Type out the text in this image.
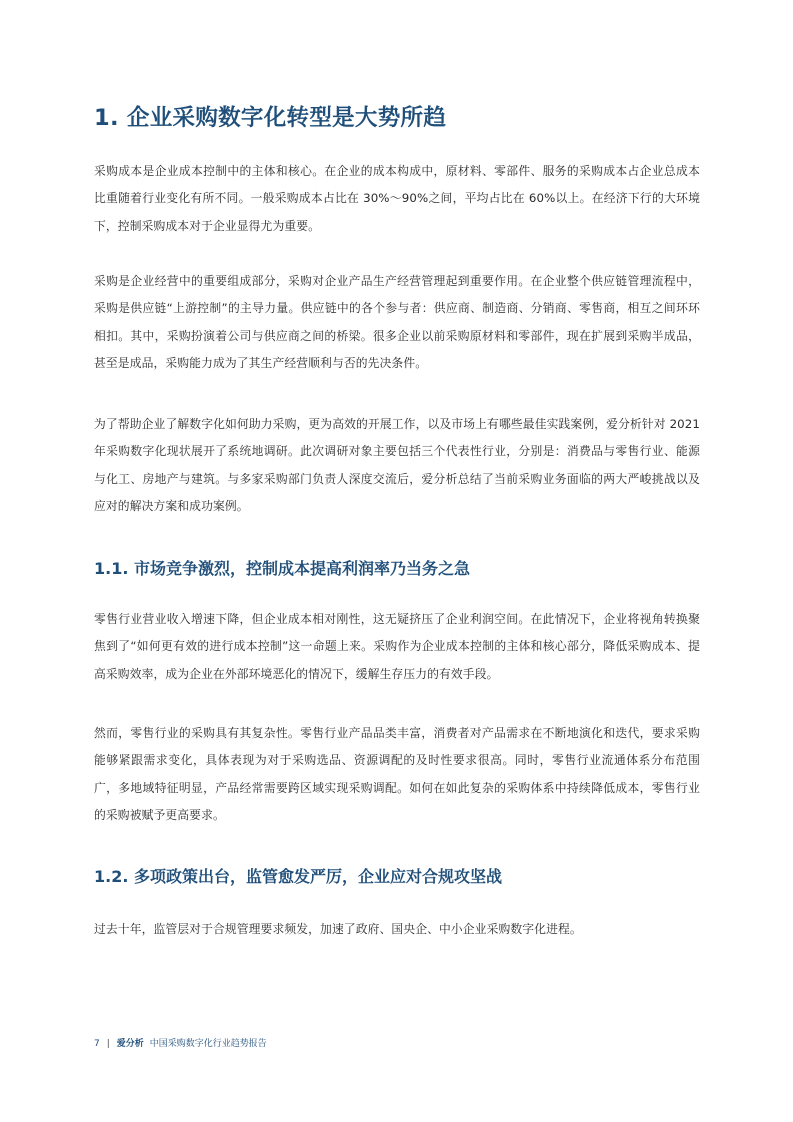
1. 企业采购数字化转型是大势所趋

采购成本是企业成本控制中的主体和核心。在企业的成本构成中，原材料、零部件、服务的采购成本占企业总成本比重随着行业变化有所不同。一般采购成本占比在 30%～90%之间，平均占比在 60%以上。在经济下行的大环境下，控制采购成本对于企业显得尤为重要。

采购是企业经营中的重要组成部分，采购对企业产品生产经营管理起到重要作用。在企业整个供应链管理流程中，采购是供应链“上游控制”的主导力量。供应链中的各个参与者：供应商、制造商、分销商、零售商，相互之间环环相扣。其中，采购扮演着公司与供应商之间的桥梁。很多企业以前采购原材料和零部件，现在扩展到采购半成品，甚至是成品，采购能力成为了其生产经营顺利与否的先决条件。

为了帮助企业了解数字化如何助力采购，更为高效的开展工作，以及市场上有哪些最佳实践案例，爱分析针对 2021 年采购数字化现状展开了系统地调研。此次调研对象主要包括三个代表性行业，分别是：消费品与零售行业、能源与化工、房地产与建筑。与多家采购部门负责人深度交流后，爱分析总结了当前采购业务面临的两大严峻挑战以及应对的解决方案和成功案例。

1.1. 市场竞争激烈，控制成本提高利润率乃当务之急

零售行业营业收入增速下降，但企业成本相对刚性，这无疑挤压了企业利润空间。在此情况下，企业将视角转换聚焦到了“如何更有效的进行成本控制”这一命题上来。采购作为企业成本控制的主体和核心部分，降低采购成本、提高采购效率，成为企业在外部环境恶化的情况下，缓解生存压力的有效手段。

然而，零售行业的采购具有其复杂性。零售行业产品品类丰富，消费者对产品需求在不断地演化和迭代，要求采购能够紧跟需求变化，具体表现为对于采购选品、资源调配的及时性要求很高。同时，零售行业流通体系分布范围广，多地域特征明显，产品经常需要跨区域实现采购调配。如何在如此复杂的采购体系中持续降低成本，零售行业的采购被赋予更高要求。

1.2. 多项政策出台，监管愈发严厉，企业应对合规攻坚战

过去十年，监管层对于合规管理要求频发，加速了政府、国央企、中小企业采购数字化进程。

7 | 爱分析 中国采购数字化行业趋势报告
